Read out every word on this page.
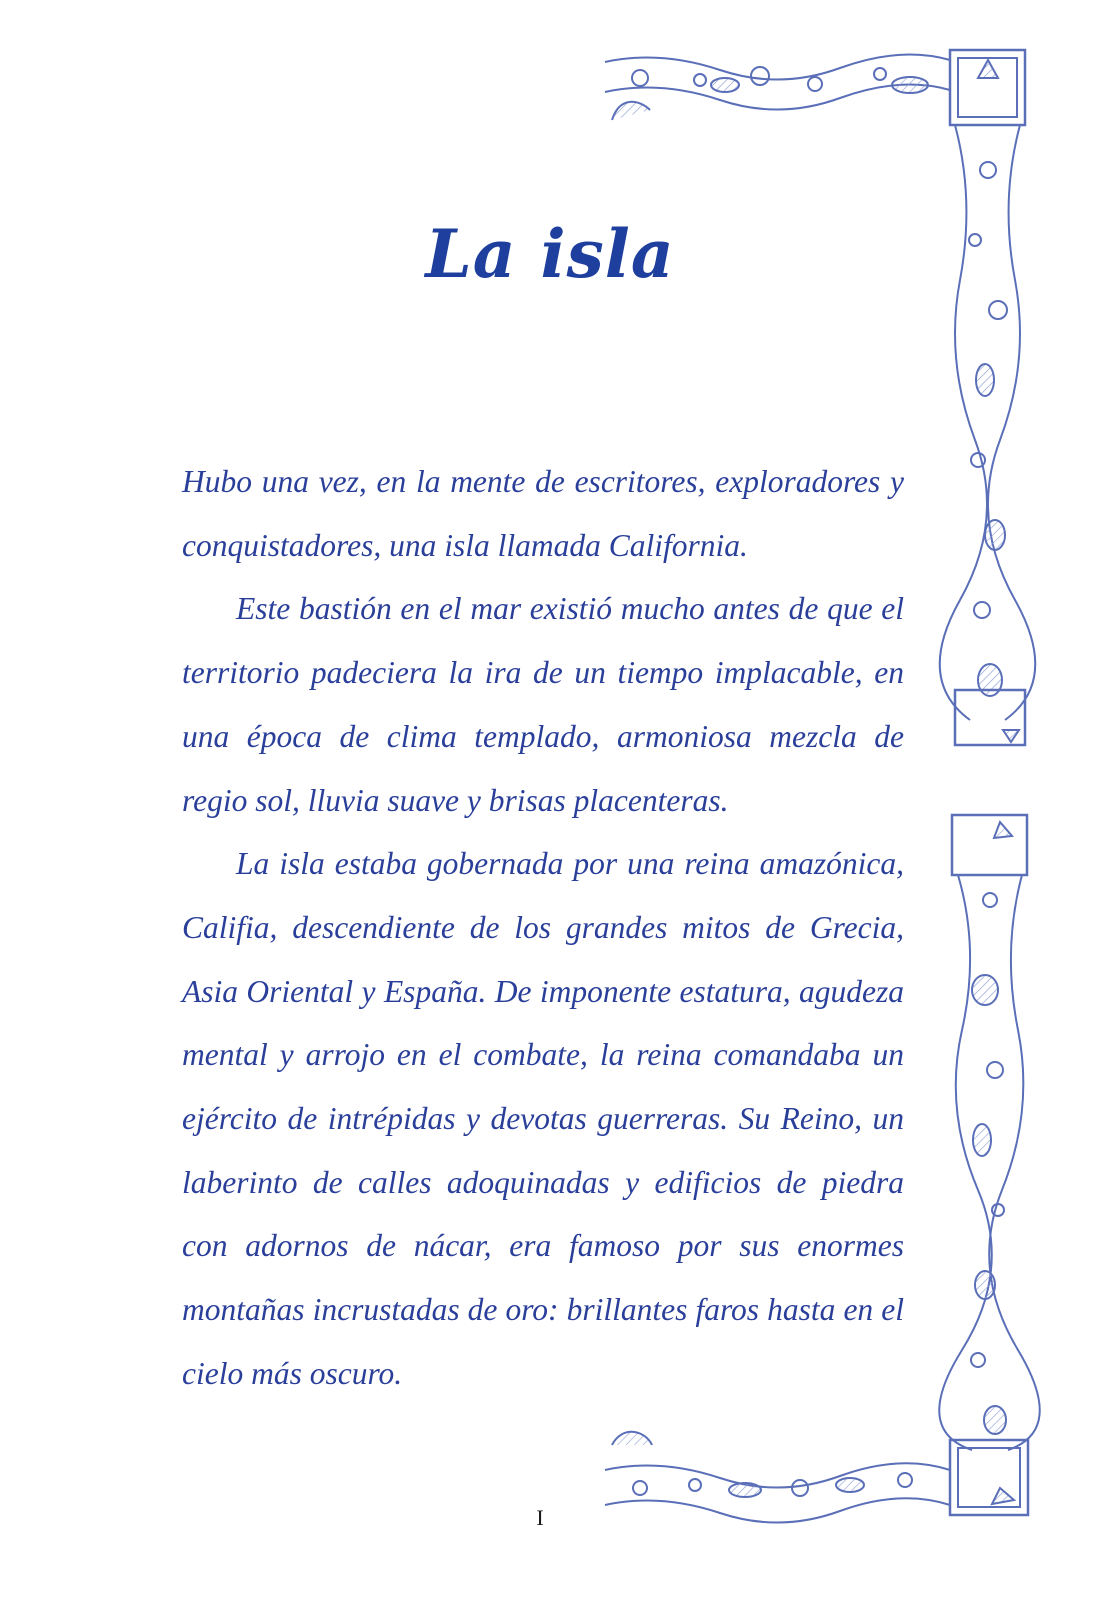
La isla

Hubo una vez, en la mente de escritores, exploradores y conquistadores, una isla llamada California.

Este bastión en el mar existió mucho antes de que el territorio padeciera la ira de un tiempo implacable, en una época de clima templado, armoniosa mezcla de regio sol, lluvia suave y brisas placenteras.

La isla estaba gobernada por una reina amazónica, Califia, descendiente de los grandes mitos de Grecia, Asia Oriental y España. De imponente estatura, agudeza mental y arrojo en el combate, la reina comandaba un ejército de intrépidas y devotas guerreras. Su Reino, un laberinto de calles adoquinadas y edificios de piedra con adornos de nácar, era famoso por sus enormes montañas incrustadas de oro: brillantes faros hasta en el cielo más oscuro.

I
